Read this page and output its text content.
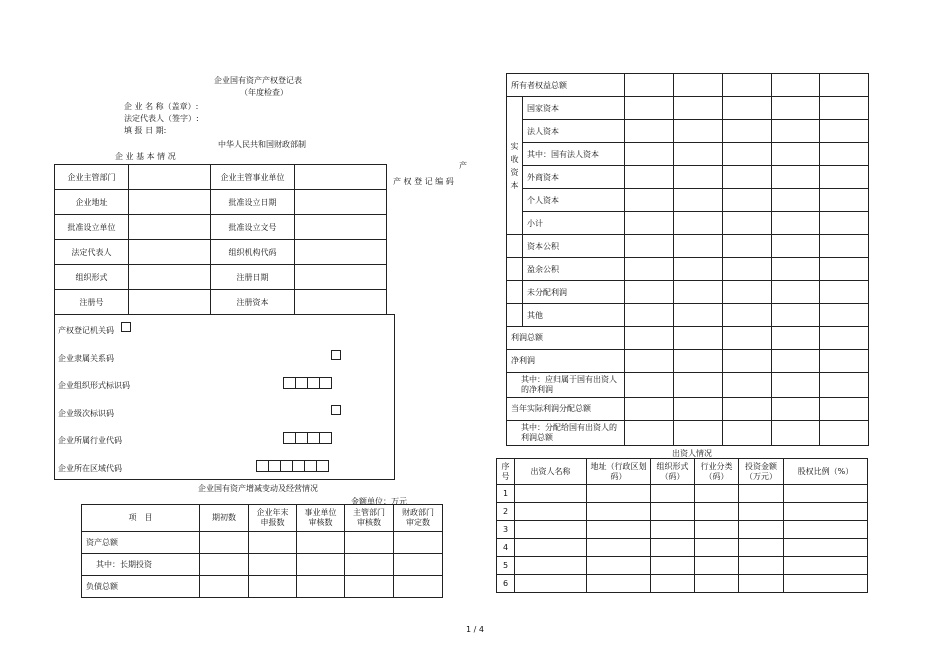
企业国有资产产权登记表
（年度检查）
企 业 名 称（盖章）:
法定代表人（签字）:
填 报 日 期:
中华人民共和国财政部制
企 业 基 本 情 况
产
产 权 登 记 编 码
企业主管部门		企业主管事业单位	
企业地址		批准设立日期	
批准设立单位		批准设立文号	
法定代表人		组织机构代码	
组织形式		注册日期	
注册号		注册资本	
产权登记机关码
企业隶属关系码
企业组织形式标识码
企业级次标识码
企业所属行业代码
企业所在区域代码
企业国有资产增减变动及经营情况
金额单位：万元
项　目	期初数	企业年末申报数	事业单位审核数	主管部门审核数	财政部门审定数
资产总额					
其中：长期投资					
负债总额					
所有者权益总额						
实收资本	国家资本					
	法人资本					
	其中：国有法人资本					
	外商资本					
	个人资本					
	小计					
	资本公积					
	盈余公积					
	未分配利润					
	其他					
利润总额						
净利润						
其中：应归属于国有出资人的净利润						
当年实际利润分配总额						
其中：分配给国有出资人的利润总额						
出资人情况
序号	出资人名称	地址（行政区划码）	组织形式（码）	行业分类（码）	投资金额（万元）	股权比例（%）
1						
2						
3						
4						
5						
6						
1 / 4
